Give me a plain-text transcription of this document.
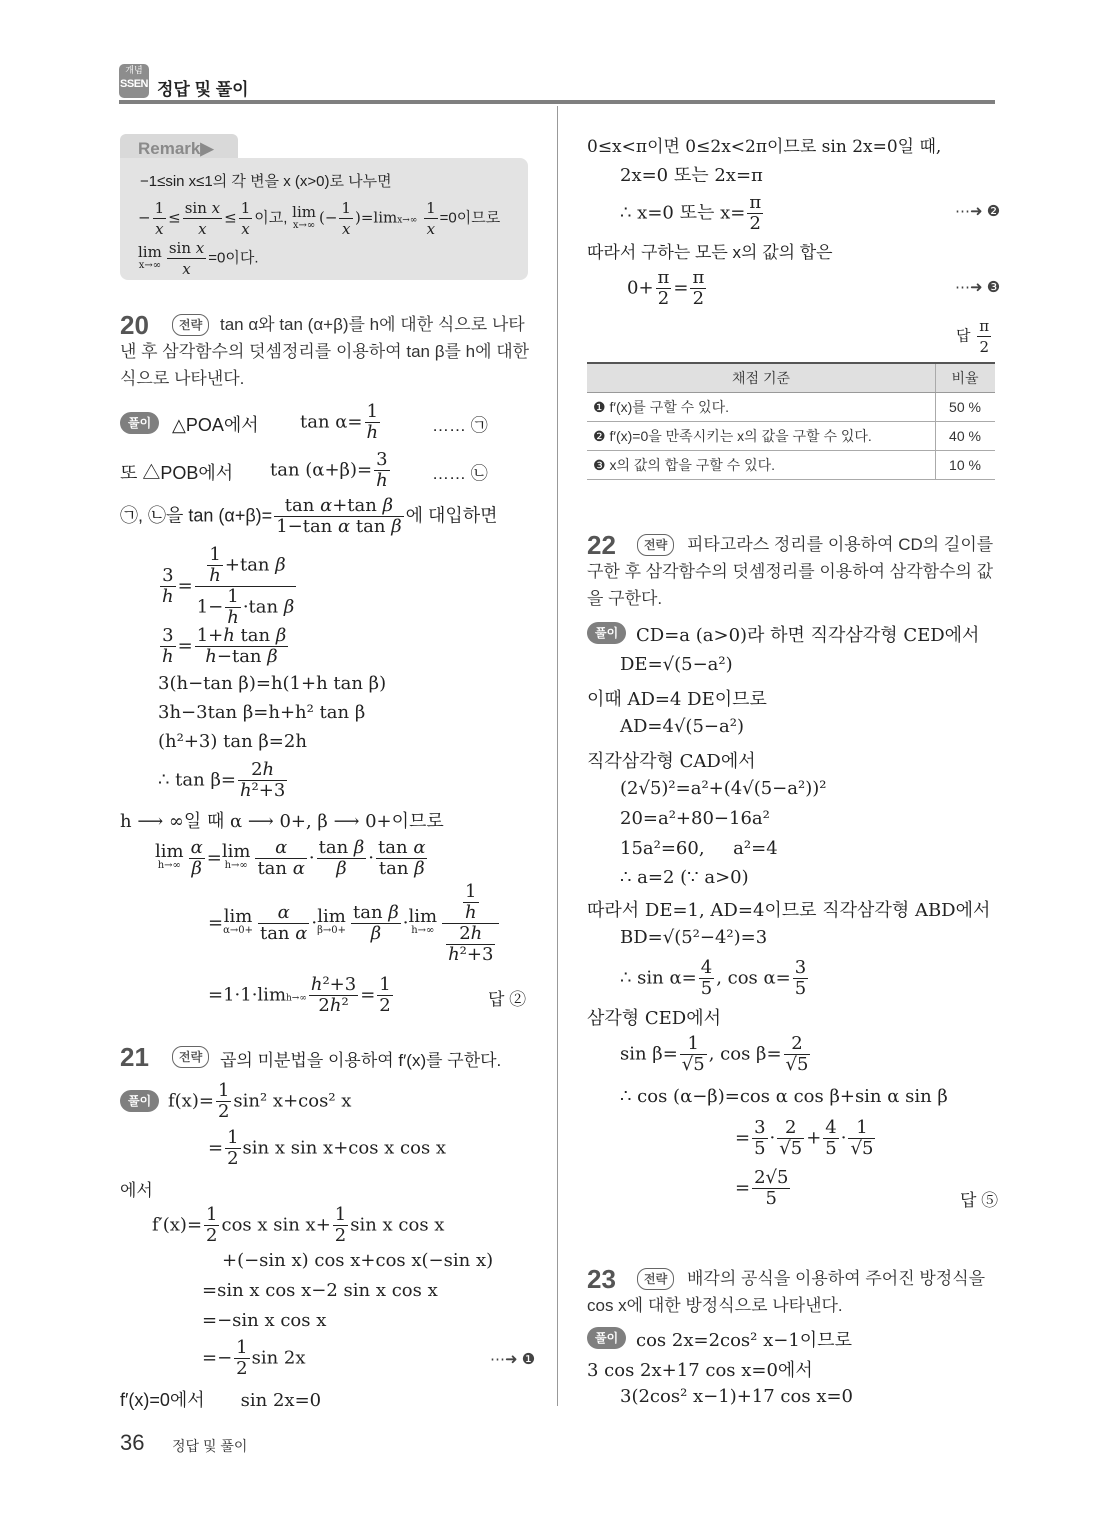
개념
SSEN 정답 및 풀이
Remark▶
−1≤sin x≤1의 각 변을 x (x>0)로 나누면
− $\frac{1}{x} \le \frac{\text{sin x}}{x} \le \frac{1}{x}$ 이고, lim
x→∞ (− $\frac{1}{x} )=\lim x\to\infty \frac{1}{x} =0$이므로
lim
$x\to\infty \frac{\text{sin x}}{x} =0$이다.
20	전략	tan α와 tan (α+β)를 h에 대한 식으로 나타낸 후 삼각함수의 덧셈정리를 이용하여 tan β를 h에 대한 식으로 나타낸다.
풀이	△POA에서 $\tan \alpha= \frac{1}{h}$	…… ㉠
또 △POB에서 $\tan (\alpha+\beta)= \frac{3}{h}$ …… ㉡
㉠, ㉡을 $\tan (\alpha+\beta)= \frac{\text{tan α+tan β}}{\text{1−tan α tan β}}$ 에 대입하면
$\frac{3}{h} = \frac{\frac{1}{h} +\tan \beta}{1- \frac{1}{h} \cdot\tan \beta}$
$\frac{3}{h} = \frac{\text{1+h tan β}}{\text{h−tan β}}$
3(h−tan β)=h(1+h tan β)
3h−3tan β=h+h² tan β
(h²+3) tan β=2h
∴ $\tan \beta= \frac{2h}{\text{h²+3}}$
h ⟶ ∞일 때 α ⟶ 0+, β ⟶ 0+이므로
lim
$h\to\infty \frac{\alpha}{\beta} =\lim$
$h\to\infty \frac{\alpha}{\text{tan α}} \cdot \frac{\text{tan β}}{\beta} \cdot \frac{\text{tan α}}{\text{tan β}}$
=lim
$\alpha\to 0+ \frac{\alpha}{\text{tan α}} \cdot\lim$
$\beta\to 0+ \frac{\text{tan β}}{\beta} \cdot\lim$
$h\to\infty \frac{\frac{1}{h}}{\frac{2h}{\text{h²+3}}}$
$=1\cdot 1\cdot\lim h\to\infty \frac{\text{h²+3}}{\text{2h²}} = \frac{1}{2}$	답 ②
21	전략	곱의 미분법을 이용하여 f′(x)를 구한다.
풀이 $f(x)= \frac{1}{2} \sin^2$ x+cos² x
= $\frac{1}{2}$ sin x sin x+cos x cos x
에서
$f'(x)= \frac{1}{2}$ cos x $\sin x+ \frac{1}{2}$ sin x cos x
+(−sin x) cos x+cos x(−sin x)
=sin x cos x−2 sin x cos x
=−sin x cos x
=− $\frac{1}{2}$ sin 2x	⋯➜ ❶
f′(x)=0에서 sin 2x=0
0≤x<π이면 0≤2x<2π이므로 sin 2x=0일 때,
2x=0 또는 2x=π
∴ x=0 또는 $x= \frac{\pi}{2}$	⋯➜ ❷
따라서 구하는 모든 x의 값의 합은
$0+ \frac{\pi}{2} = \frac{\pi}{2}$	⋯➜ ❸
답 $\frac{\pi}{2}$
채점 기준	비율
❶ f′(x)를 구할 수 있다.	50 %
❷ f′(x)=0을 만족시키는 x의 값을 구할 수 있다.	40 %
❸ x의 값의 합을 구할 수 있다.	10 %
22	전략	피타고라스 정리를 이용하여 CD의 길이를 구한 후 삼각함수의 덧셈정리를 이용하여 삼각함수의 값을 구한다.
풀이 CD=a (a>0)라 하면 직각삼각형 CED에서
DE=√(5−a²)
이때 AD=4 DE이므로
AD=4√(5−a²)
직각삼각형 CAD에서
(2√5)²=a²+(4√(5−a²))²
20=a²+80−16a²
15a²=60,     a²=4
∴ a=2 (∵ a>0)
따라서 DE=1, AD=4이므로 직각삼각형 ABD에서
BD=√(5²−4²)=3
∴ $\sin \alpha= \frac{4}{5}$ , $\cos \alpha= \frac{3}{5}$
삼각형 CED에서
$\sin \beta= \frac{1}{√5}$ , $\cos \beta= \frac{2}{√5}$
∴ cos (α−β)=cos α cos β+sin α sin β
= $\frac{3}{5} \cdot \frac{2}{√5} + \frac{4}{5} \cdot \frac{1}{√5}$
= $\frac{2√5}{5}$	답 ⑤
23	전략	배각의 공식을 이용하여 주어진 방정식을 cos x에 대한 방정식으로 나타낸다.
풀이 cos 2x=2cos² x−1이므로
3 cos 2x+17 cos x=0에서
3(2cos² x−1)+17 cos x=0
36 정답 및 풀이
